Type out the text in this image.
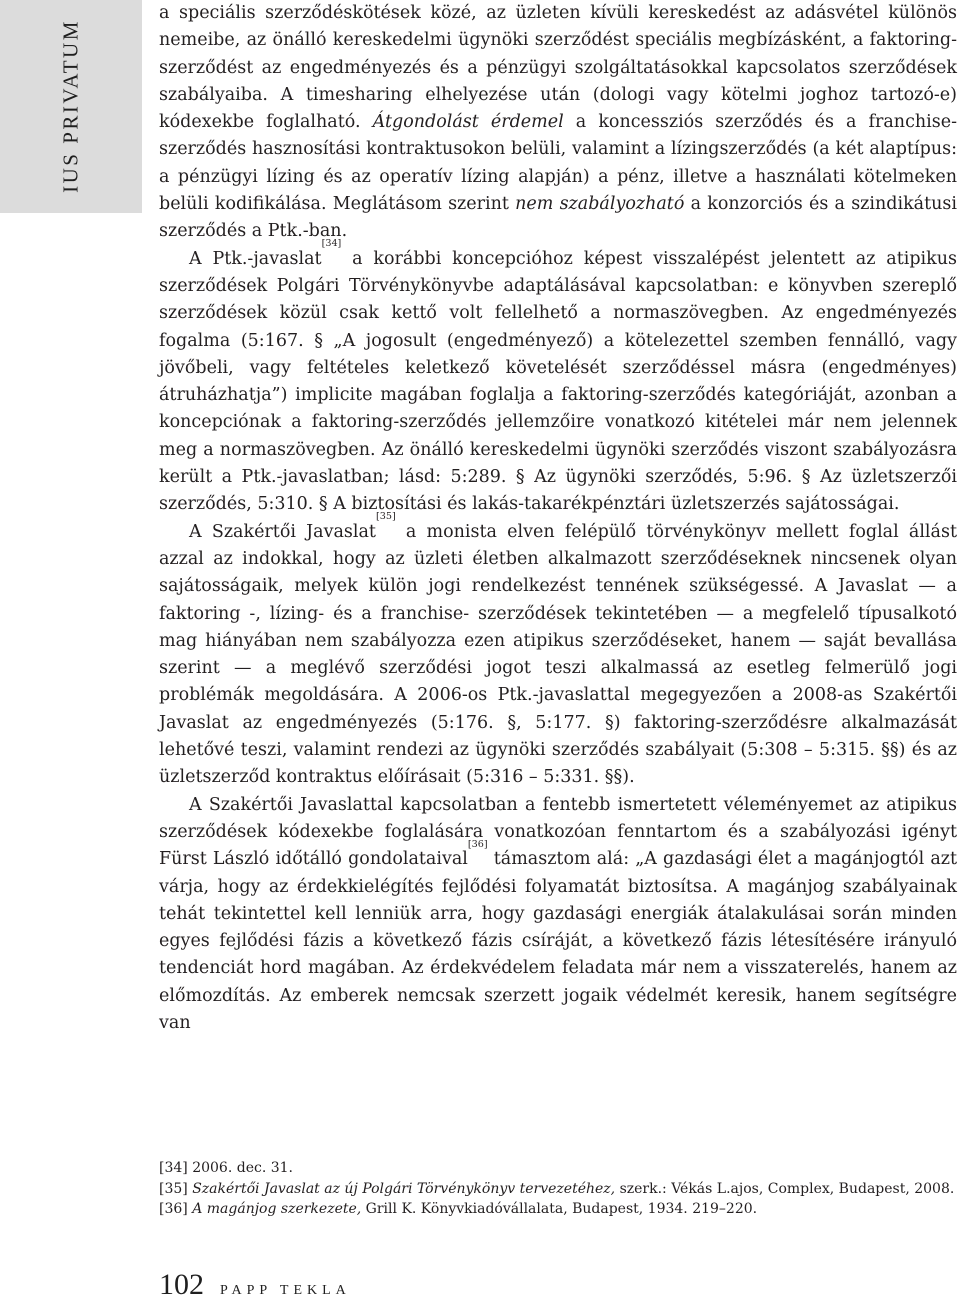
IUS PRIVATUM

a speciális szerződéskötések közé, az üzleten kívüli kereskedést az adásvétel különös nemeibe, az önálló kereskedelmi ügynöki szerződést speciális megbízásként, a faktoring-szerződést az engedményezés és a pénzügyi szolgáltatásokkal kapcsolatos szerződések szabályaiba. A timesharing elhelyezése után (dologi vagy kötelmi joghoz tartozó-e) kódexekbe foglalható. Átgondolást érdemel a koncessziós szerződés és a franchise-szerződés hasznosítási kontraktusokon belüli, valamint a lízingszerződés (a két alaptípus: a pénzügyi lízing és az operatív lízing alapján) a pénz, illetve a használati kötelmeken belüli kodifikálása. Meglátásom szerint nem szabályozható a konzorciós és a szindikátusi szerződés a Ptk.-ban.

A Ptk.-javaslat[34] a korábbi koncepcióhoz képest visszalépést jelentett az atipikus szerződések Polgári Törvénykönyvbe adaptálásával kapcsolatban: e könyvben szereplő szerződések közül csak kettő volt fellelhető a normaszövegben. Az engedményezés fogalma (5:167. § „A jogosult (engedményező) a kötelezettel szemben fennálló, vagy jövőbeli, vagy feltételes keletkező követelését szerződéssel másra (engedményes) átruházhatja”) implicite magában foglalja a faktoring-szerződés kategóriáját, azonban a koncepciónak a faktoring-szerződés jellemzőire vonatkozó kitételei már nem jelennek meg a normaszövegben. Az önálló kereskedelmi ügynöki szerződés viszont szabályozásra került a Ptk.-javaslatban; lásd: 5:289. § Az ügynöki szerződés, 5:96. § Az üzletszerzői szerződés, 5:310. § A biztosítási és lakás-takarékpénztári üzletszerzés sajátosságai.

A Szakértői Javaslat[35] a monista elven felépülő törvénykönyv mellett foglal állást azzal az indokkal, hogy az üzleti életben alkalmazott szerződéseknek nincsenek olyan sajátosságaik, melyek külön jogi rendelkezést tennének szükségessé. A Javaslat — a faktoring -, lízing- és a franchise- szerződések tekintetében — a megfelelő típusalkotó mag hiányában nem szabályozza ezen atipikus szerződéseket, hanem — saját bevallása szerint — a meglévő szerződési jogot teszi alkalmassá az esetleg felmerülő jogi problémák megoldására. A 2006-os Ptk.-javaslattal megegyezően a 2008-as Szakértői Javaslat az engedményezés (5:176. §, 5:177. §) faktoring-szerződésre alkalmazását lehetővé teszi, valamint rendezi az ügynöki szerződés szabályait (5:308 – 5:315. §§) és az üzletszerződ kontraktus előírásait (5:316 – 5:331. §§).

A Szakértői Javaslattal kapcsolatban a fentebb ismertetett véleményemet az atipikus szerződések kódexekbe foglalására vonatkozóan fenntartom és a szabályozási igényt Fürst László időtálló gondolataival[36] támasztom alá: „A gazdasági élet a magánjogtól azt várja, hogy az érdekkielégítés fejlődési folyamatát biztosítsa. A magánjog szabályainak tehát tekintettel kell lenniük arra, hogy gazdasági energiák átalakulásai során minden egyes fejlődési fázis a következő fázis csíráját, a következő fázis létesítésére irányuló tendenciát hord magában. Az érdekvédelem feladata már nem a visszaterelés, hanem az előmozdítás. Az emberek nemcsak szerzett jogaik védelmét keresik, hanem segítségre van

[34] 2006. dec. 31.

[35] Szakértői Javaslat az új Polgári Törvénykönyv tervezetéhez, szerk.: Vékás L.ajos, Complex, Budapest, 2008.

[36] A magánjog szerkezete, Grill K. Könyvkiadóvállalata, Budapest, 1934. 219–220.

102 PAPP TEKLA
